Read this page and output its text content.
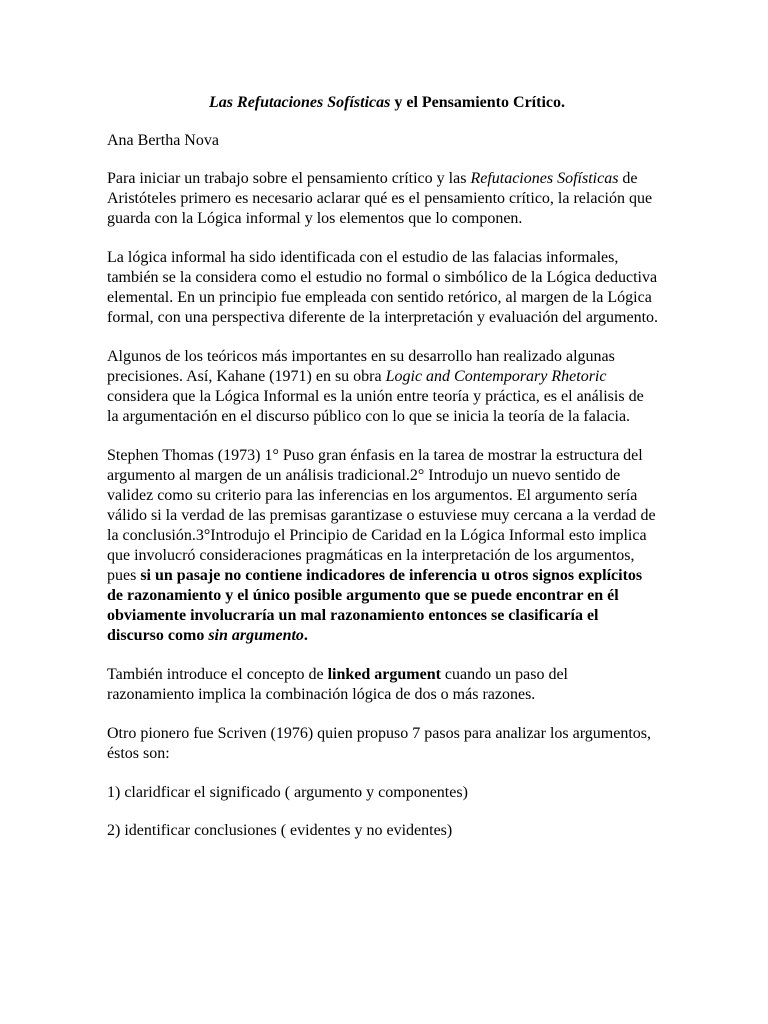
Las Refutaciones Sofísticas y el Pensamiento Crítico.

Ana Bertha Nova

Para iniciar un trabajo sobre el pensamiento crítico y las Refutaciones Sofísticas de Aristóteles primero es necesario aclarar qué es el pensamiento crítico, la relación que guarda con la Lógica informal y los elementos que lo componen.

La lógica informal ha sido identificada con el estudio de las falacias informales, también se la considera como el estudio no formal o simbólico de la Lógica deductiva elemental. En un principio fue empleada con sentido retórico, al margen de la Lógica formal, con una perspectiva diferente de la interpretación y evaluación del argumento.

Algunos de los teóricos más importantes en su desarrollo han realizado algunas precisiones. Así, Kahane (1971) en su obra Logic and Contemporary Rhetoric considera que la Lógica Informal es la unión entre teoría y práctica, es el análisis de la argumentación en el discurso público con lo que se inicia la teoría de la falacia.

Stephen Thomas (1973) 1° Puso gran énfasis en la tarea de mostrar la estructura del argumento al margen de un análisis tradicional.2° Introdujo un nuevo sentido de validez como su criterio para las inferencias en los argumentos. El argumento sería válido si la verdad de las premisas garantizase o estuviese muy cercana a la verdad de la conclusión.3°Introdujo el Principio de Caridad en la Lógica Informal esto implica que involucró consideraciones pragmáticas en la interpretación de los argumentos, pues si un pasaje no contiene indicadores de inferencia u otros signos explícitos de razonamiento y el único posible argumento que se puede encontrar en él obviamente involucraría un mal razonamiento entonces se clasificaría el discurso como sin argumento.

También introduce el concepto de linked argument cuando un paso del razonamiento implica la combinación lógica de dos o más razones.

Otro pionero fue Scriven (1976) quien propuso 7 pasos para analizar los argumentos, éstos son:

1) claridficar el significado ( argumento y componentes)

2) identificar conclusiones ( evidentes y no evidentes)
